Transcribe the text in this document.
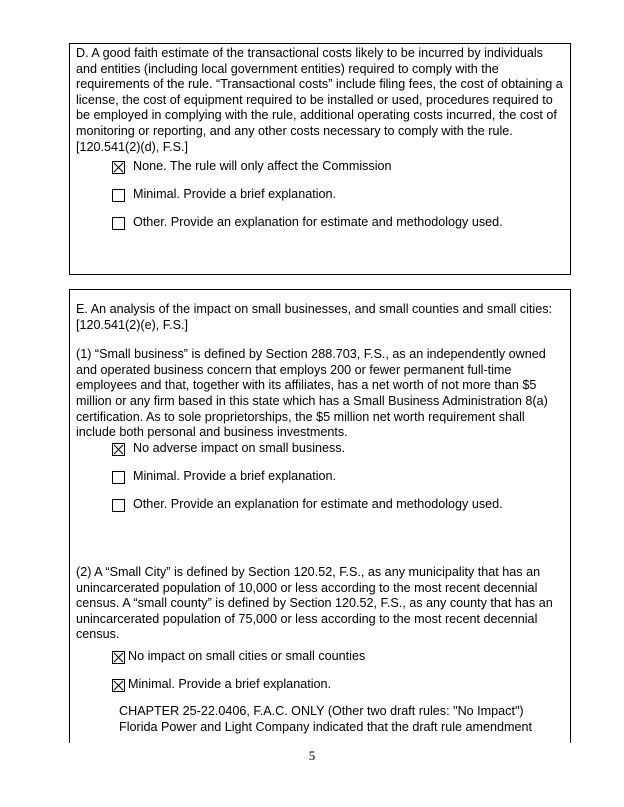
D. A good faith estimate of the transactional costs likely to be incurred by individuals and entities (including local government entities) required to comply with the requirements of the rule. “Transactional costs” include filing fees, the cost of obtaining a license, the cost of equipment required to be installed or used, procedures required to be employed in complying with the rule, additional operating costs incurred, the cost of monitoring or reporting, and any other costs necessary to comply with the rule. [120.541(2)(d), F.S.]

None. The rule will only affect the Commission
Minimal. Provide a brief explanation.
Other. Provide an explanation for estimate and methodology used.

E. An analysis of the impact on small businesses, and small counties and small cities: [120.541(2)(e), F.S.]

(1) “Small business” is defined by Section 288.703, F.S., as an independently owned and operated business concern that employs 200 or fewer permanent full-time employees and that, together with its affiliates, has a net worth of not more than $5 million or any firm based in this state which has a Small Business Administration 8(a) certification. As to sole proprietorships, the $5 million net worth requirement shall include both personal and business investments.

No adverse impact on small business.
Minimal. Provide a brief explanation.
Other. Provide an explanation for estimate and methodology used.

(2) A “Small City” is defined by Section 120.52, F.S., as any municipality that has an unincarcerated population of 10,000 or less according to the most recent decennial census. A “small county” is defined by Section 120.52, F.S., as any county that has an unincarcerated population of 75,000 or less according to the most recent decennial census.

No impact on small cities or small counties
Minimal. Provide a brief explanation.

CHAPTER 25-22.0406, F.A.C. ONLY (Other two draft rules: "No Impact") Florida Power and Light Company indicated that the draft rule amendment

5
